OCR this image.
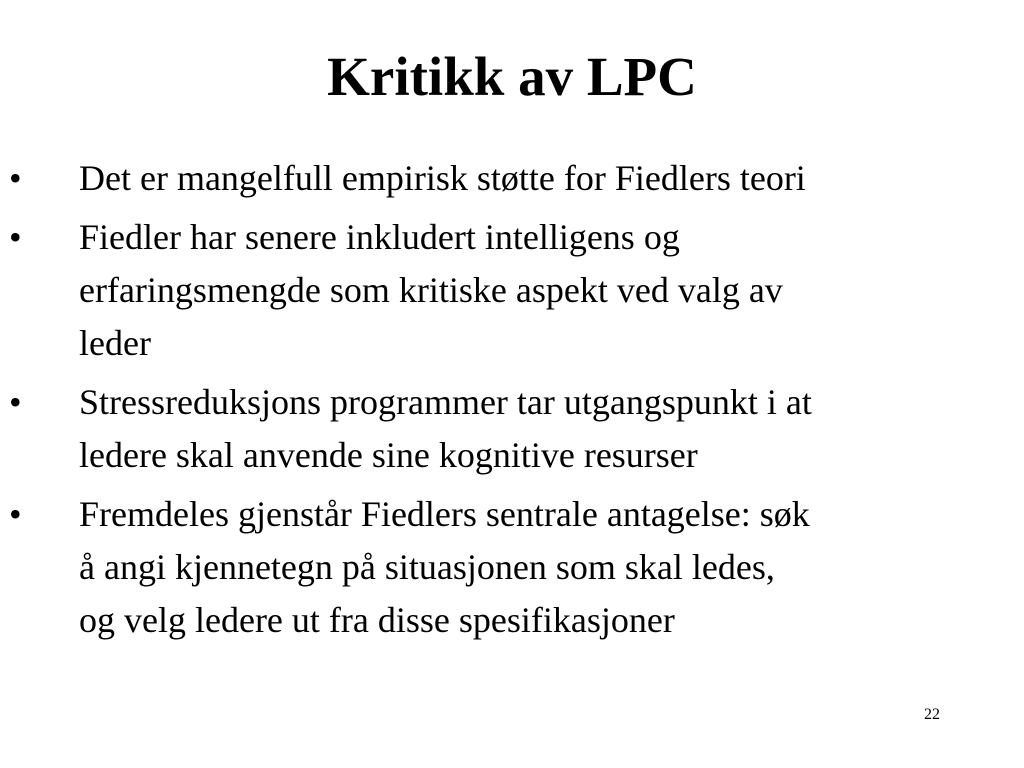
Kritikk av LPC
• Det er mangelfull empirisk støtte for Fiedlers teori
• Fiedler har senere inkludert intelligens og
erfaringsmengde som kritiske aspekt ved valg av
leder
• Stressreduksjons programmer tar utgangspunkt i at
ledere skal anvende sine kognitive resurser
• Fremdeles gjenstår Fiedlers sentrale antagelse: søk
å angi kjennetegn på situasjonen som skal ledes,
og velg ledere ut fra disse spesifikasjoner
22
